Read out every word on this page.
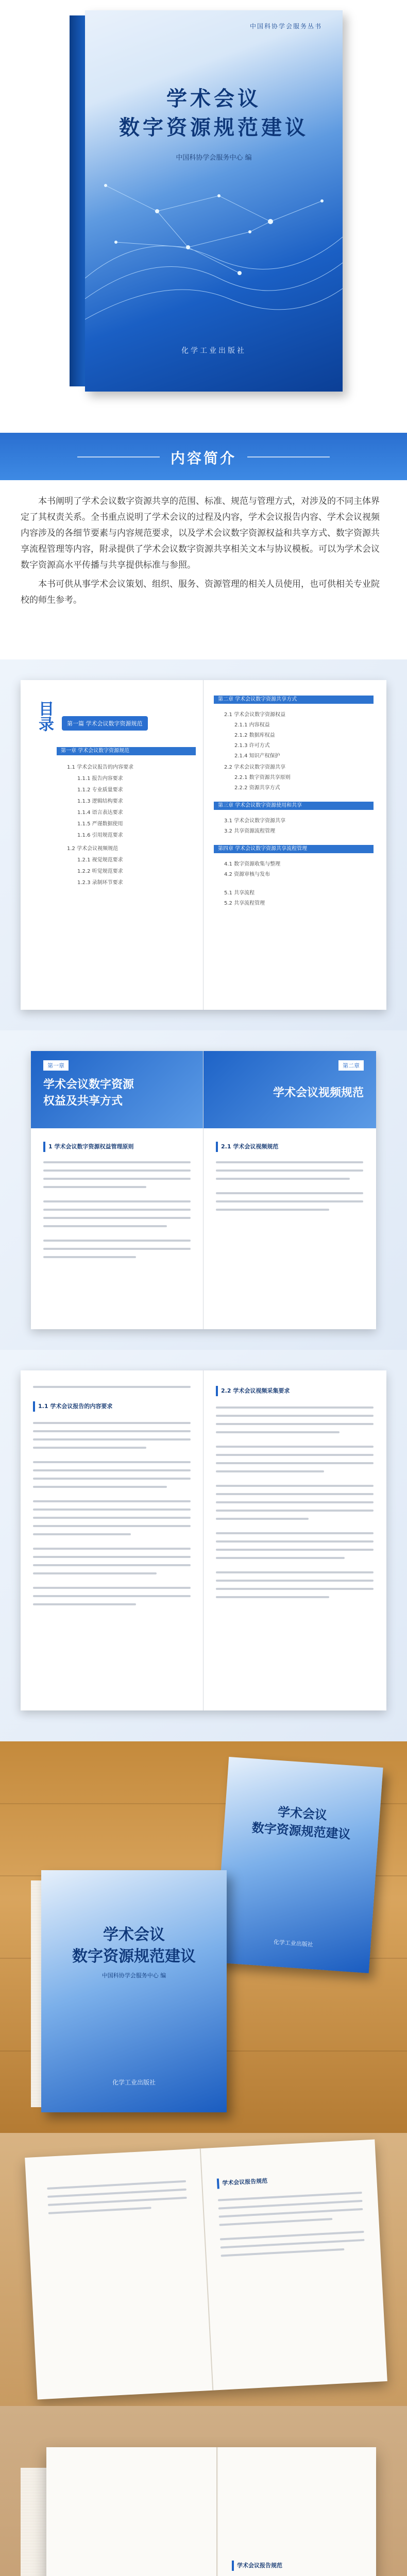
中国科协学会服务丛书
学术会议
数字资源规范建议
中国科协学会服务中心 编
化学工业出版社
内容简介

本书阐明了学术会议数字资源共享的范围、标准、规范与管理方式，对涉及的不同主体界定了其权责关系。全书重点说明了学术会议的过程及内容，学术会议报告内容、学术会议视频内容涉及的各细节要素与内容规范要求，以及学术会议数字资源权益和共享方式、数字资源共享流程管理等内容，附录提供了学术会议数字资源共享相关文本与协议模板。可以为学术会议数字资源高水平传播与共享提供标准与参照。

本书可供从事学术会议策划、组织、服务、资源管理的相关人员使用，也可供相关专业院校的师生参考。

目录	第一篇 学术会议数字资源规范
第一章 学术会议数字资源规范
1.1 学术会议报告的内容要求
1.1.1 报告内容要求
1.1.2 专业质量要求
1.1.3 逻辑结构要求
1.1.4 语言表达要求
1.1.5 严谨数据使用
1.1.6 引用规范要求
1.2 学术会议视频规范
1.2.1 视觉规范要求
1.2.2 听觉规范要求
1.2.3 录制环节要求
第二章 学术会议数字资源共享方式
2.1 学术会议数字资源权益
2.1.1 内容权益
2.1.2 数据库权益
2.1.3 许可方式
2.1.4 知识产权保护
2.2 学术会议数字资源共享
2.2.1 数字资源共享原则
2.2.2 资源共享方式
第三章 学术会议数字资源使用和共享
3.1 学术会议数字资源共享
3.2 共享资源流程管理
第四章 学术会议数字资源共享流程管理
4.1 数字资源收集与整理
4.2 资源审核与发布
5.1 共享流程
5.2 共享流程管理
第一章
学术会议数字资源
权益及共享方式
1 学术会议数字资源权益管理原则
第二章
学术会议视频规范
2.1 学术会议视频规范
1.1 学术会议报告的内容要求
2.2 学术会议视频采集要求
学术会议
数字资源规范建议
化学工业出版社
学术会议
数字资源规范建议
中国科协学会服务中心 编
化学工业出版社
学术会议报告规范
学术会议报告规范
